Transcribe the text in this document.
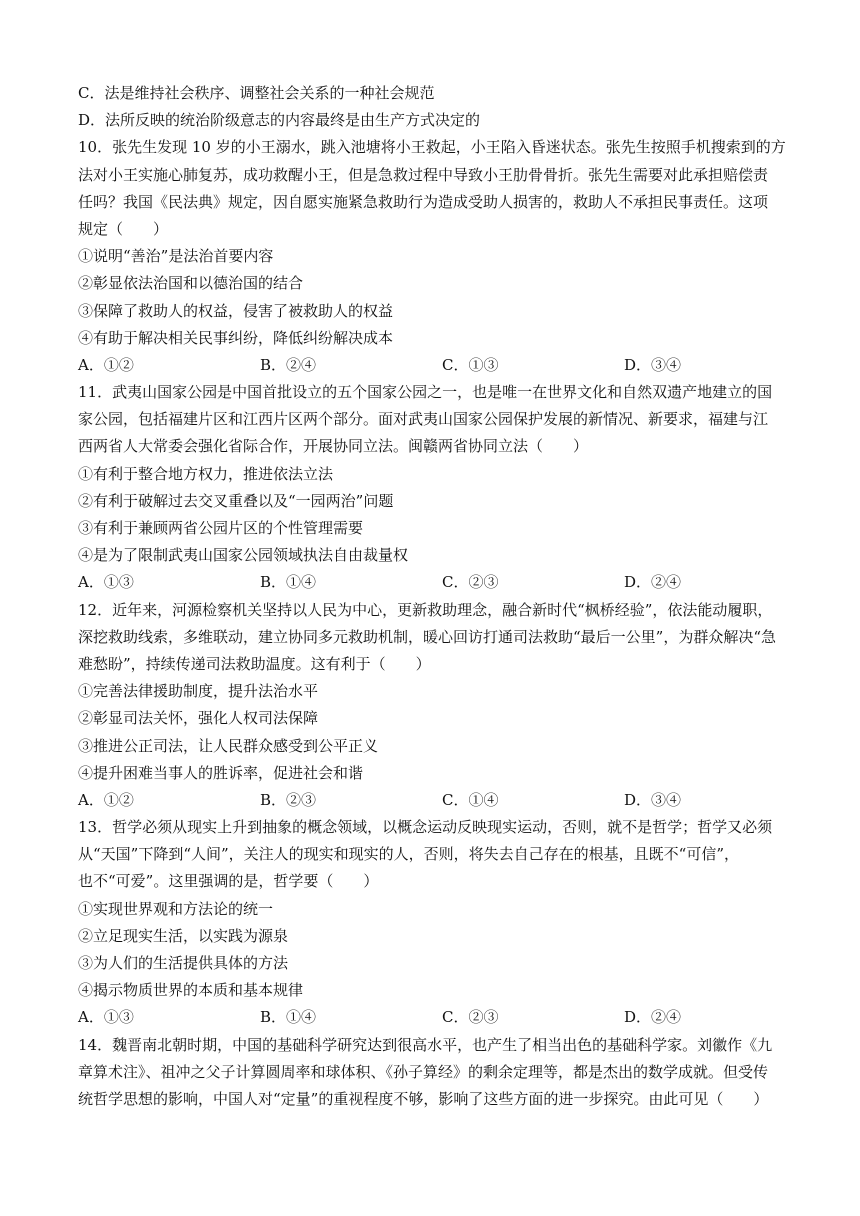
C．法是维持社会秩序、调整社会关系的一种社会规范
D．法所反映的统治阶级意志的内容最终是由生产方式决定的
10．张先生发现 10 岁的小王溺水，跳入池塘将小王救起，小王陷入昏迷状态。张先生按照手机搜索到的方
法对小王实施心肺复苏，成功救醒小王，但是急救过程中导致小王肋骨骨折。张先生需要对此承担赔偿责
任吗？我国《民法典》规定，因自愿实施紧急救助行为造成受助人损害的，救助人不承担民事责任。这项
规定（　　）
①说明“善治”是法治首要内容
②彰显依法治国和以德治国的结合
③保障了救助人的权益，侵害了被救助人的权益
④有助于解决相关民事纠纷，降低纠纷解决成本
A．①②	B．②④	C．①③	D．③④
11．武夷山国家公园是中国首批设立的五个国家公园之一，也是唯一在世界文化和自然双遗产地建立的国
家公园，包括福建片区和江西片区两个部分。面对武夷山国家公园保护发展的新情况、新要求，福建与江
西两省人大常委会强化省际合作，开展协同立法。闽赣两省协同立法（　　）
①有利于整合地方权力，推进依法立法
②有利于破解过去交叉重叠以及“一园两治”问题
③有利于兼顾两省公园片区的个性管理需要
④是为了限制武夷山国家公园领域执法自由裁量权
A．①③	B．①④	C．②③	D．②④
12．近年来，河源检察机关坚持以人民为中心，更新救助理念，融合新时代“枫桥经验”，依法能动履职，
深挖救助线索，多维联动，建立协同多元救助机制，暖心回访打通司法救助“最后一公里”，为群众解决“急
难愁盼”，持续传递司法救助温度。这有利于（　　）
①完善法律援助制度，提升法治水平
②彰显司法关怀，强化人权司法保障
③推进公正司法，让人民群众感受到公平正义
④提升困难当事人的胜诉率，促进社会和谐
A．①②	B．②③	C．①④	D．③④
13．哲学必须从现实上升到抽象的概念领域，以概念运动反映现实运动，否则，就不是哲学；哲学又必须
从“天国”下降到“人间”，关注人的现实和现实的人，否则，将失去自己存在的根基，且既不“可信”，
也不“可爱”。这里强调的是，哲学要（　　）
①实现世界观和方法论的统一
②立足现实生活，以实践为源泉
③为人们的生活提供具体的方法
④揭示物质世界的本质和基本规律
A．①③	B．①④	C．②③	D．②④
14．魏晋南北朝时期，中国的基础科学研究达到很高水平，也产生了相当出色的基础科学家。刘徽作《九
章算术注》、祖冲之父子计算圆周率和球体积、《孙子算经》的剩余定理等，都是杰出的数学成就。但受传
统哲学思想的影响，中国人对“定量”的重视程度不够，影响了这些方面的进一步探究。由此可见（　　）
